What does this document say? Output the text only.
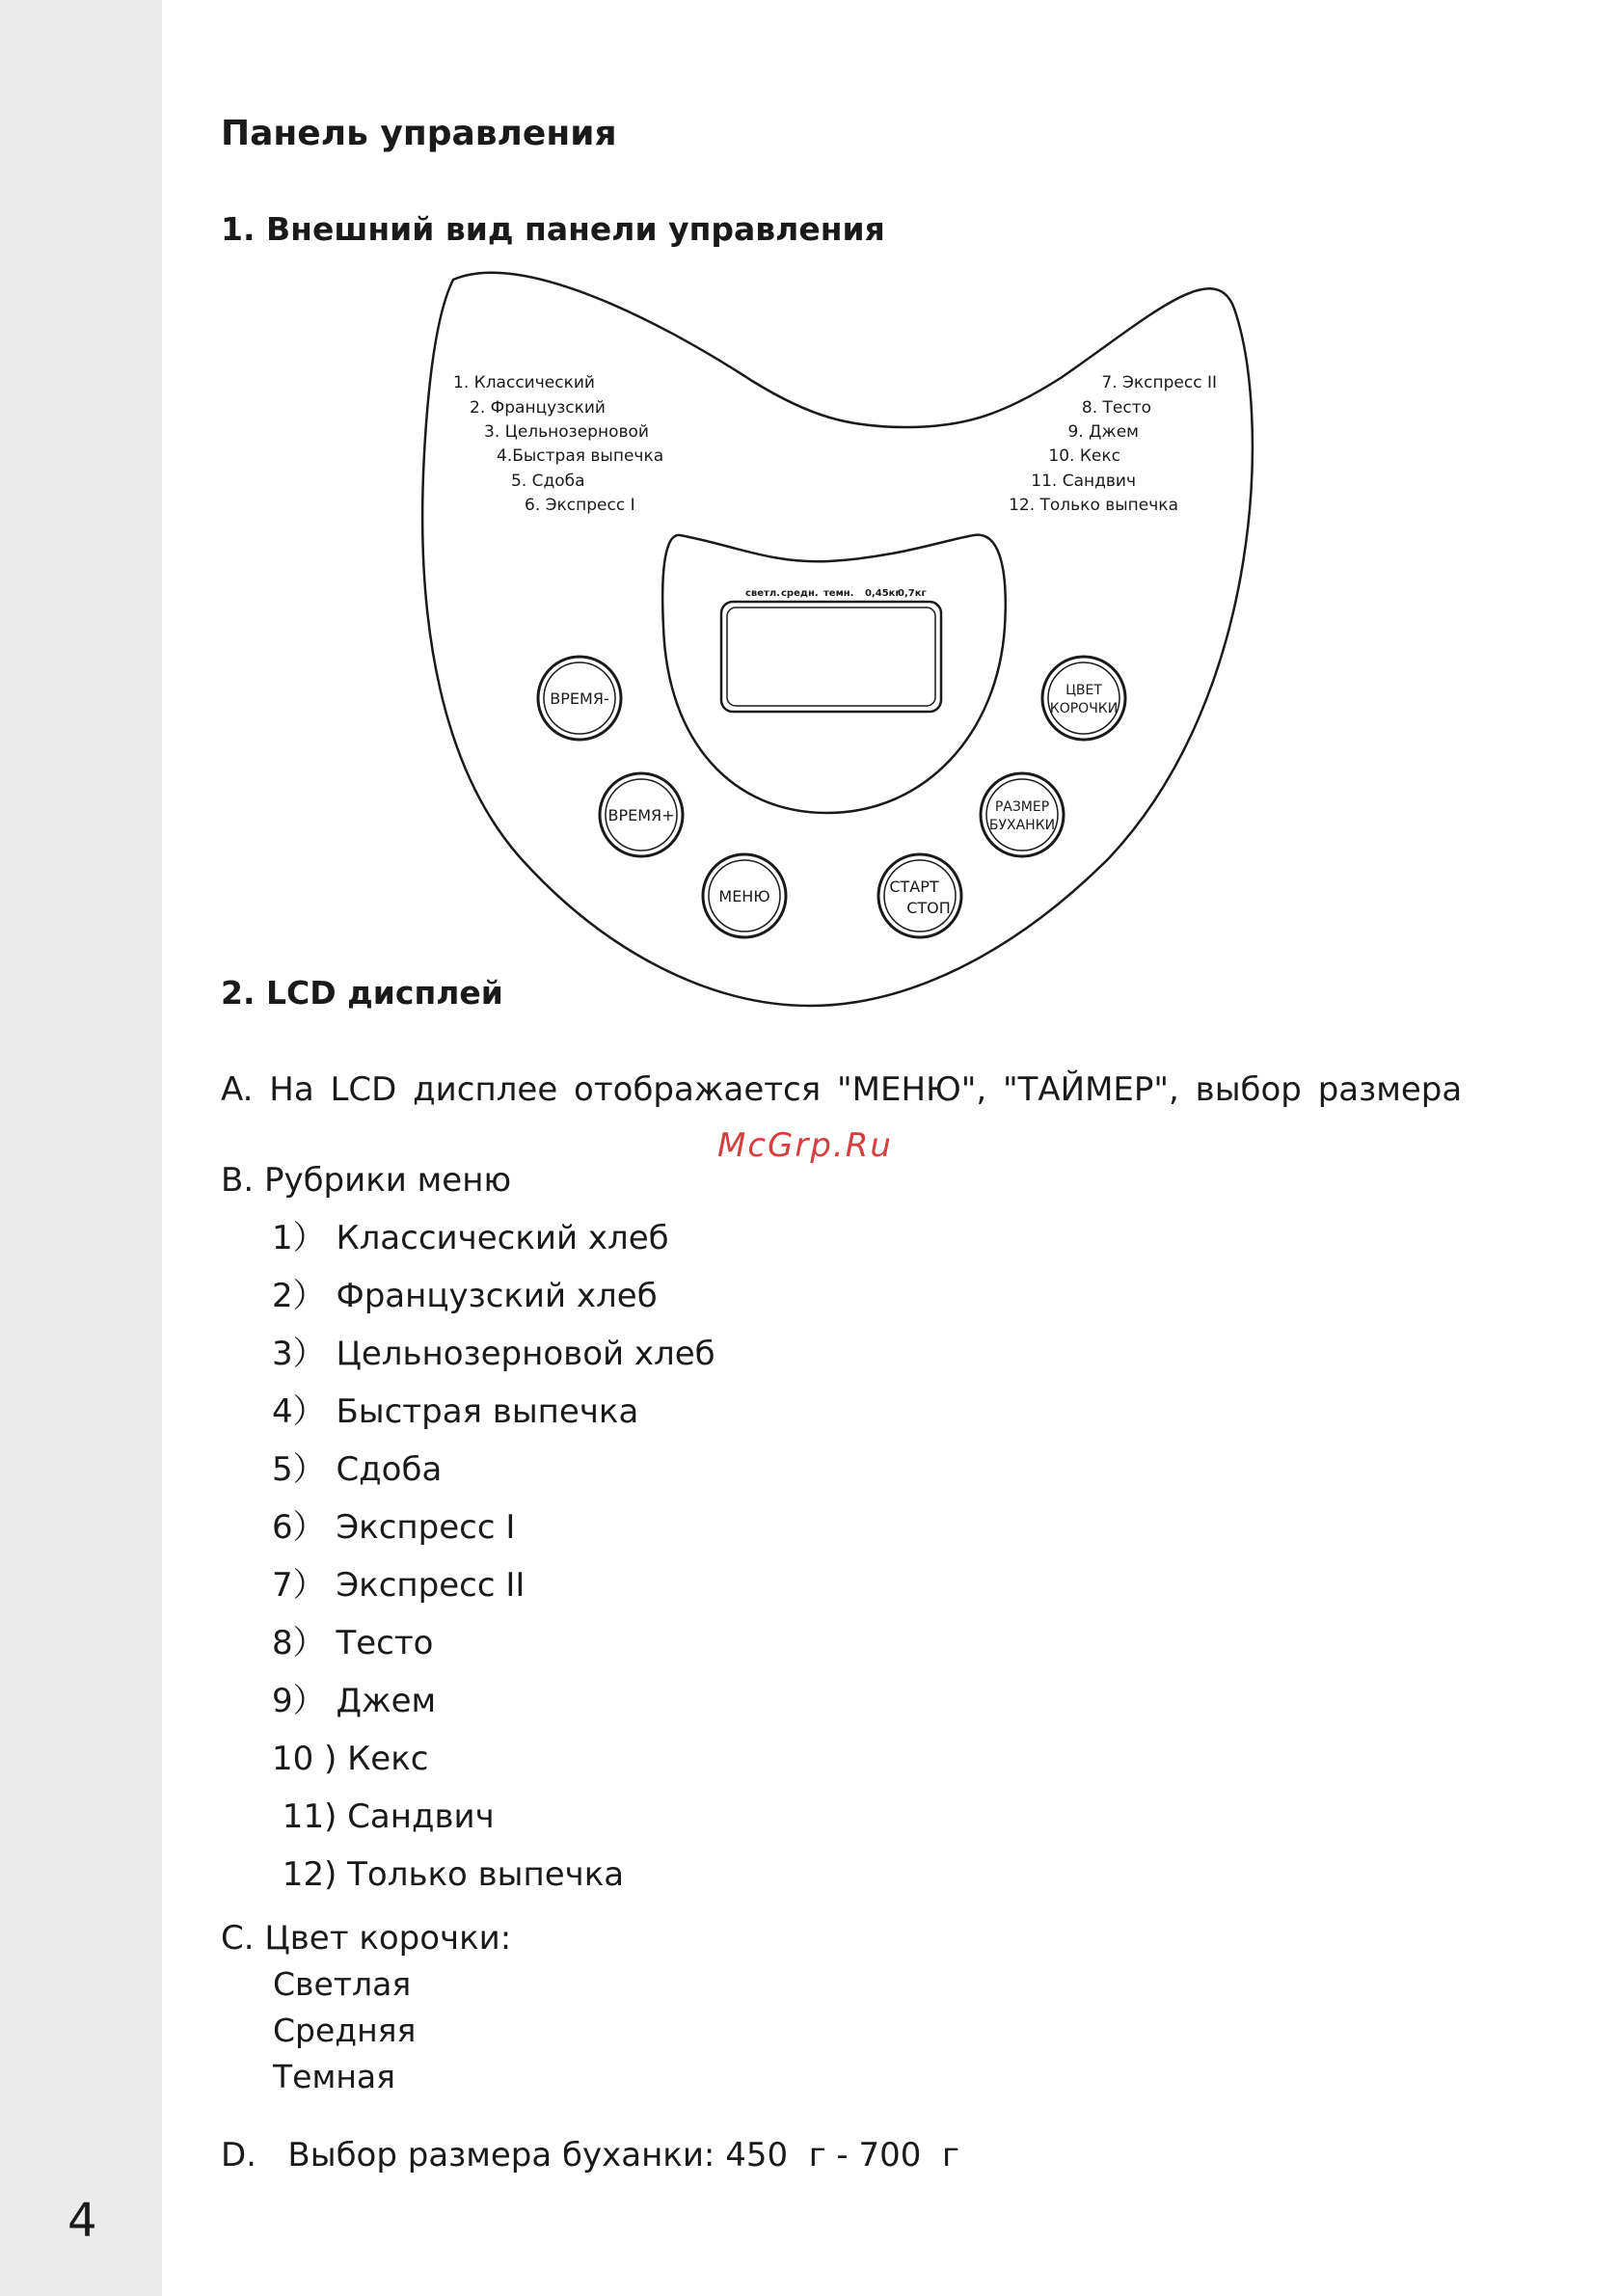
4
Панель управления
1. Внешний вид панели управления
1. Классический
2. Французский
3. Цельнозерновой
4.Быстрая выпечка
5. Сдоба
6. Экспресс I
7. Экспресс II
8. Тесто
9. Джем
10. Кекс
11. Сандвич
12. Только выпечка
светл. средн. темн. 0,45кг
0,7кг
ВРЕМЯ-
ВРЕМЯ+
МЕНЮ
СТАРТ
СТОП
ЦВЕТ
КОРОЧКИ
РАЗМЕР
БУХАНКИ
2. LCD дисплей
A. На LCD дисплее отображается "МЕНЮ", "ТАЙМЕР", выбор размера
McGrp.Ru
B. Рубрики меню
1） Классический хлеб
2） Французский хлеб
3） Цельнозерновой хлеб
4） Быстрая выпечка
5） Сдоба
6） Экспресс I
7） Экспресс II
8） Тесто
9） Джем
10 ) Кекс
11) Сандвич
12) Только выпечка
C. Цвет корочки:
Светлая
Средняя
Темная
D.   Выбор размера буханки: 450  г - 700  г
